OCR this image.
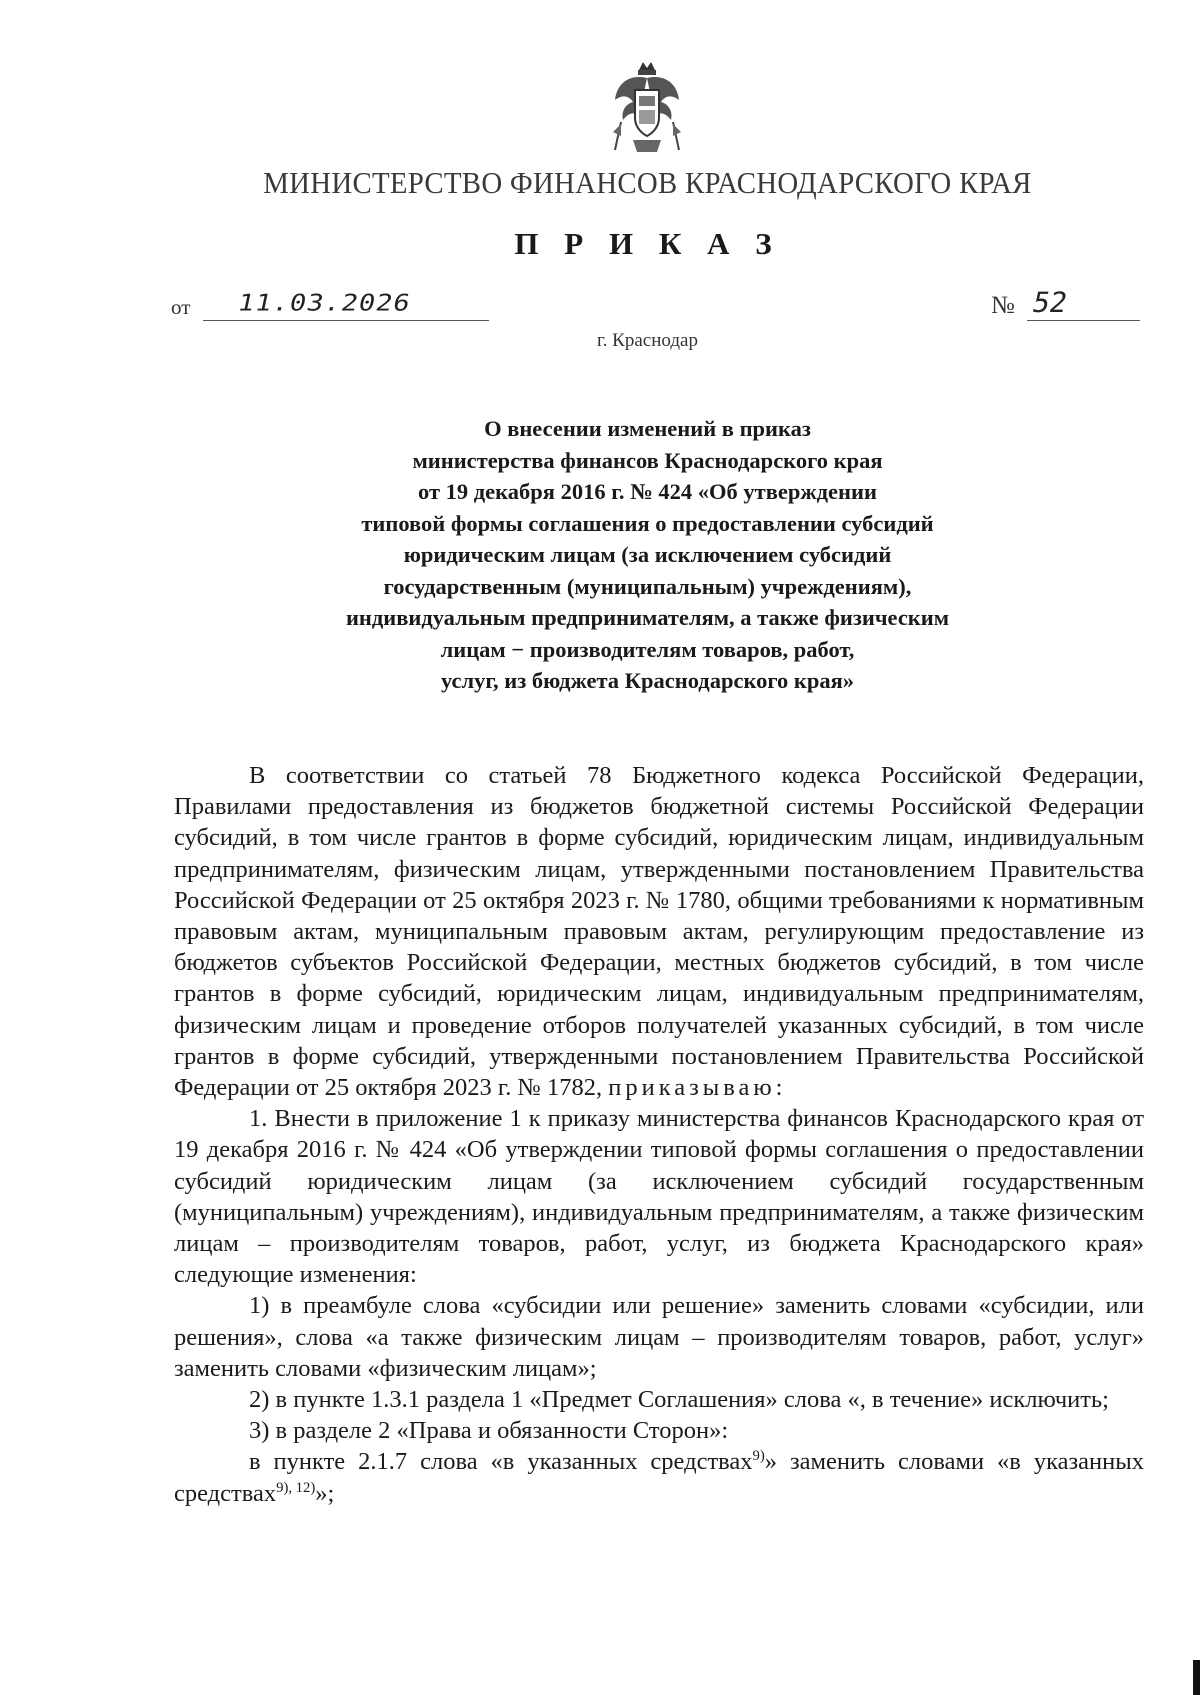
МИНИСТЕРСТВО ФИНАНСОВ КРАСНОДАРСКОГО КРАЯ
П Р И К А З
от 11.03.2026	№ 52
г. Краснодар
О внесении изменений в приказ
министерства финансов Краснодарского края
от 19 декабря 2016 г. № 424 «Об утверждении
типовой формы соглашения о предоставлении субсидий
юридическим лицам (за исключением субсидий
государственным (муниципальным) учреждениям),
индивидуальным предпринимателям, а также физическим
лицам − производителям товаров, работ,
услуг, из бюджета Краснодарского края»

В соответствии со статьей 78 Бюджетного кодекса Российской Федерации, Правилами предоставления из бюджетов бюджетной системы Российской Федерации субсидий, в том числе грантов в форме субсидий, юридическим лицам, индивидуальным предпринимателям, физическим лицам, утвержденными постановлением Правительства Российской Федерации от 25 октября 2023 г. № 1780, общими требованиями к нормативным правовым актам, муниципальным правовым актам, регулирующим предоставление из бюджетов субъектов Российской Федерации, местных бюджетов субсидий, в том числе грантов в форме субсидий, юридическим лицам, индивидуальным предпринимателям, физическим лицам и проведение отборов получателей указанных субсидий, в том числе грантов в форме субсидий, утвержденными постановлением Правительства Российской Федерации от 25 октября 2023 г. № 1782, приказываю:

1. Внести в приложение 1 к приказу министерства финансов Краснодарского края от 19 декабря 2016 г. № 424 «Об утверждении типовой формы соглашения о предоставлении субсидий юридическим лицам (за исключением субсидий государственным (муниципальным) учреждениям), индивидуальным предпринимателям, а также физическим лицам – производителям товаров, работ, услуг, из бюджета Краснодарского края» следующие изменения:

1) в преамбуле слова «субсидии или решение» заменить словами «субсидии, или решения», слова «а также физическим лицам – производителям товаров, работ, услуг» заменить словами «физическим лицам»;

2) в пункте 1.3.1 раздела 1 «Предмет Соглашения» слова «, в течение» исключить;

3) в разделе 2 «Права и обязанности Сторон»:

в пункте 2.1.7 слова «в указанных средствах$^{9)}$» заменить словами «в указанных средствах$^{9), 12)}$»;
